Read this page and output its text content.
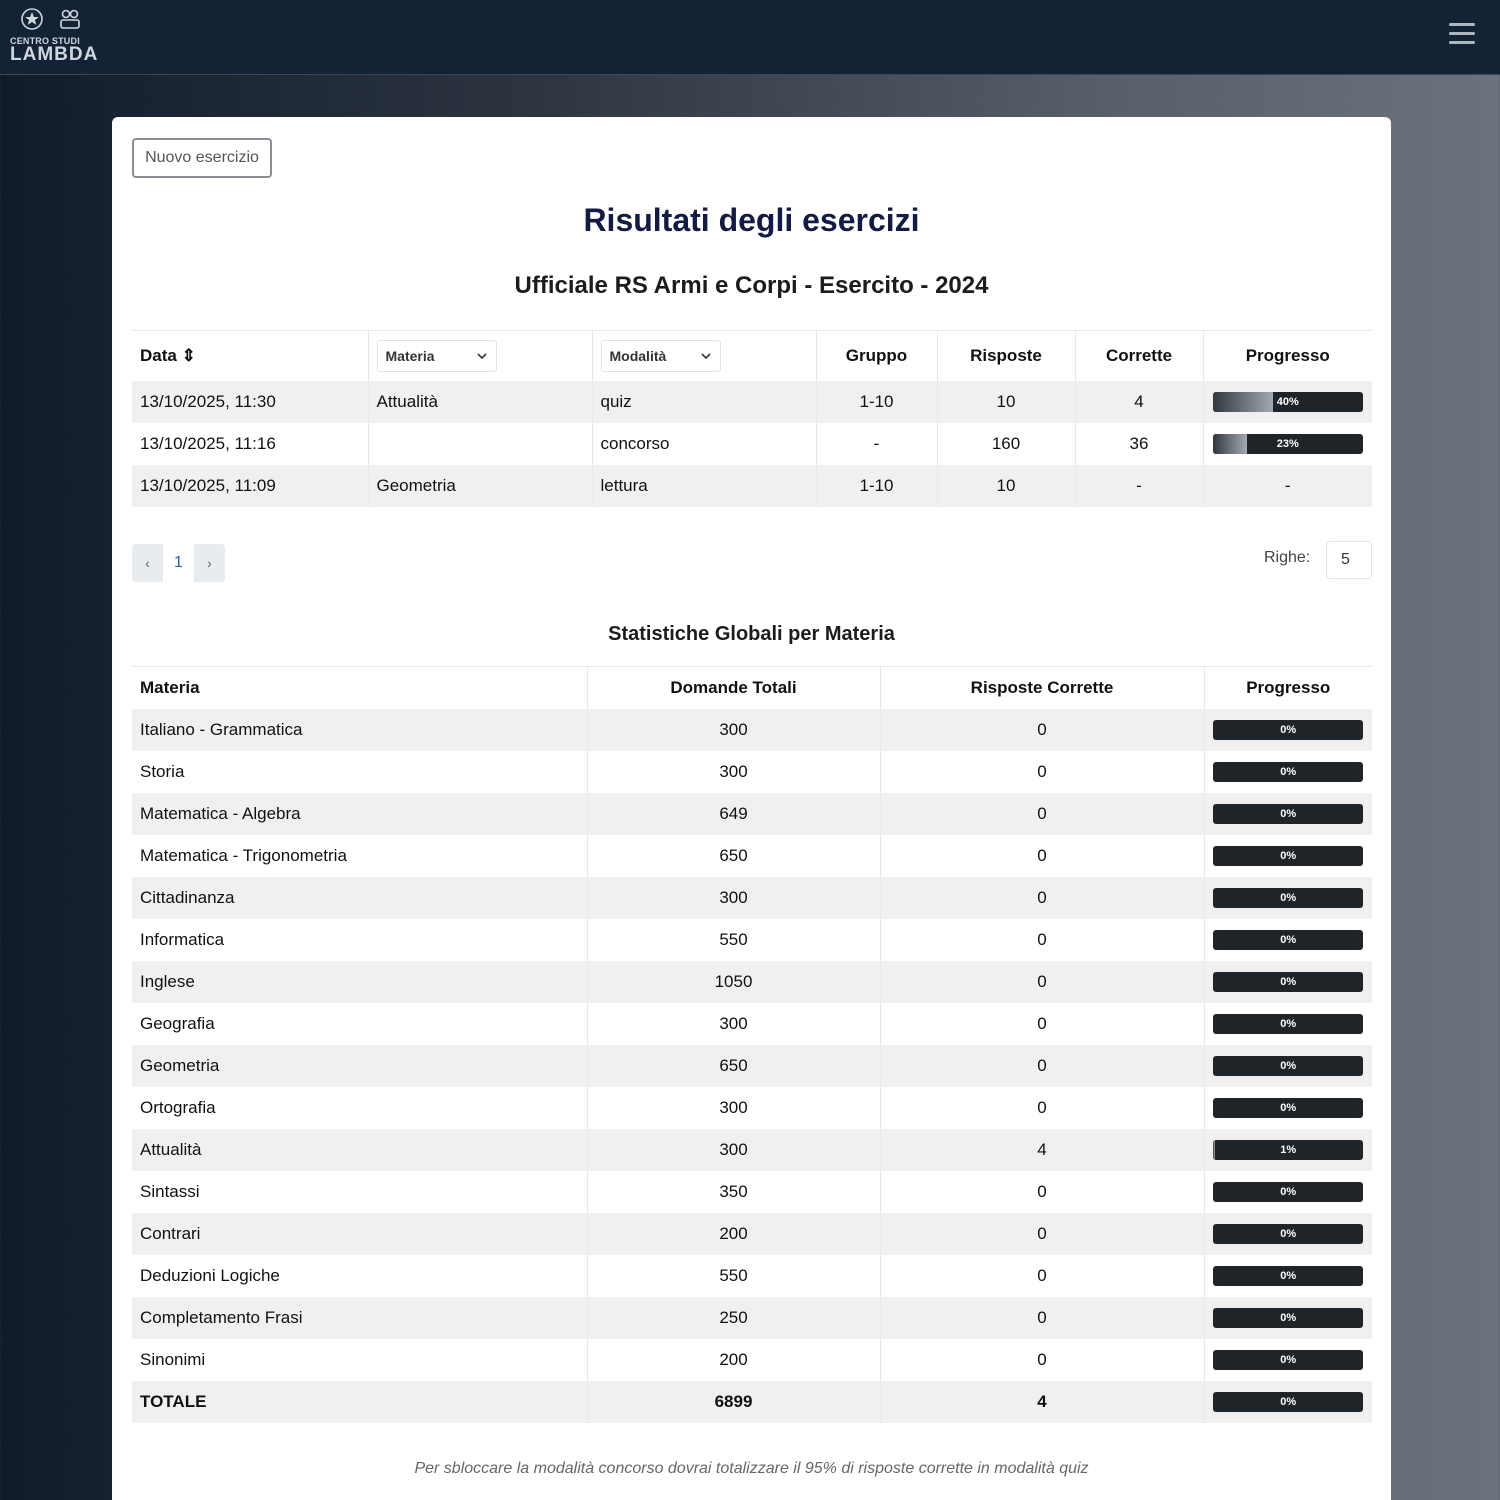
CENTRO STUDI
LAMBDA
Nuovo esercizio
Risultati degli esercizi
Ufficiale RS Armi e Corpi - Esercito - 2024
Data ⇕	Materia	Modalità	Gruppo	Risposte	Corrette	Progresso
13/10/2025, 11:30	Attualità	quiz	1-10	10	4	40%

13/10/2025, 11:16		concorso	-	160	36	23%

13/10/2025, 11:09	Geometria	lettura	1-10	10	-	-
‹	1	›	Righe:	5
Statistiche Globali per Materia
Materia	Domande Totali	Risposte Corrette	Progresso
Italiano - Grammatica	300	0	0%

Storia	300	0	0%

Matematica - Algebra	649	0	0%

Matematica - Trigonometria	650	0	0%

Cittadinanza	300	0	0%

Informatica	550	0	0%

Inglese	1050	0	0%

Geografia	300	0	0%

Geometria	650	0	0%

Ortografia	300	0	0%

Attualità	300	4	1%

Sintassi	350	0	0%

Contrari	200	0	0%

Deduzioni Logiche	550	0	0%

Completamento Frasi	250	0	0%

Sinonimi	200	0	0%

TOTALE	6899	4	0%
Per sbloccare la modalità concorso dovrai totalizzare il 95% di risposte corrette in modalità quiz
